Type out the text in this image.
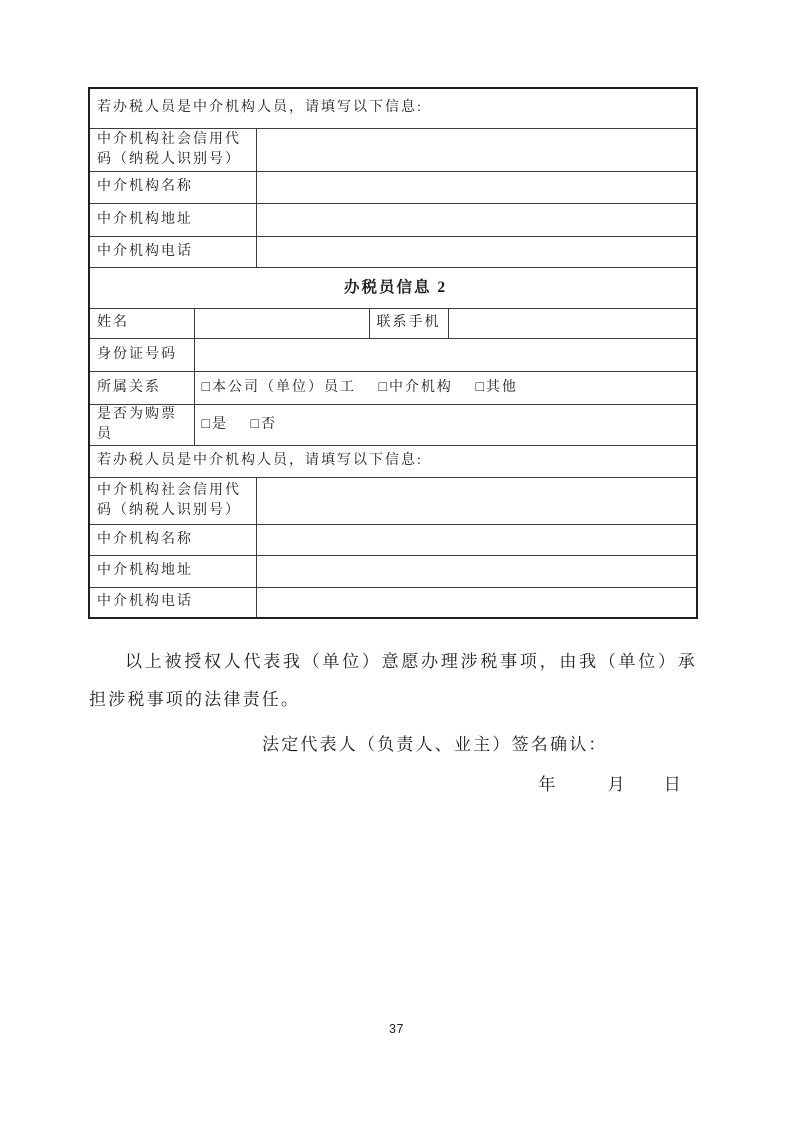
若办税人员是中介机构人员，请填写以下信息:				
中介机构社会信用代码（纳税人识别号）				
中介机构名称				
中介机构地址				
中介机构电话				
办税员信息 2				
姓名			联系手机	
身份证号码				
所属关系	□ 本公司（单位）员工 □ 中介机构 □ 其他			
是否为购票员	□ 是 □ 否			
若办税人员是中介机构人员，请填写以下信息:				
中介机构社会信用代码（纳税人识别号）				
中介机构名称				
中介机构地址				
中介机构电话				

以上被授权人代表我（单位）意愿办理涉税事项，由我（单位）承担涉税事项的法律责任。

法定代表人（负责人、业主）签名确认：
年	月 日
37
